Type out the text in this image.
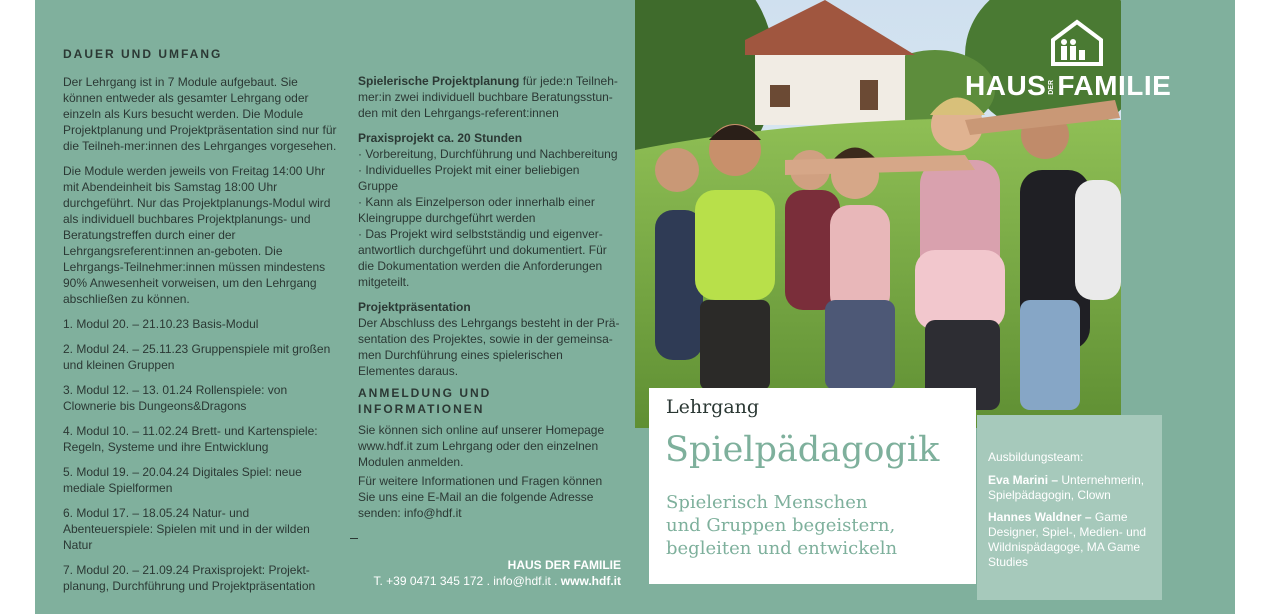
DAUER UND UMFANG

Der Lehrgang ist in 7 Module aufgebaut. Sie können entweder als gesamter Lehrgang oder einzeln als Kurs besucht werden. Die Module Projektplanung und Projektpräsentation sind nur für die Teilneh-mer:innen des Lehrganges vorgesehen.

Die Module werden jeweils von Freitag 14:00 Uhr mit Abendeinheit bis Samstag 18:00 Uhr durchgeführt. Nur das Projektplanungs-Modul wird als individuell buchbares Projektplanungs- und Beratungstreffen durch einer der Lehrgangsreferent:innen an-geboten. Die Lehrgangs-Teilnehmer:innen müssen mindestens 90% Anwesenheit vorweisen, um den Lehrgang abschließen zu können.

1. Modul 20. – 21.10.23 Basis-Modul

2. Modul 24. – 25.11.23 Gruppenspiele mit großen und kleinen Gruppen

3. Modul 12. – 13. 01.24 Rollenspiele: von Clownerie bis Dungeons&Dragons

4. Modul 10. – 11.02.24 Brett- und Kartenspiele: Regeln, Systeme und ihre Entwicklung

5. Modul 19. – 20.04.24 Digitales Spiel: neue mediale Spielformen

6. Modul 17. – 18.05.24 Natur- und Abenteuerspiele: Spielen mit und in der wilden Natur

7. Modul 20. – 21.09.24 Praxisprojekt: Projekt-planung, Durchführung und Projektpräsentation

Spielerische Projektplanung für jede:n Teilneh-mer:in zwei individuell buchbare Beratungsstun-den mit den Lehrgangs-referent:innen

Praxisprojekt ca. 20 Stunden

· Vorbereitung, Durchführung und Nachbereitung

· Individuelles Projekt mit einer beliebigen Gruppe

· Kann als Einzelperson oder innerhalb einer Kleingruppe durchgeführt werden

· Das Projekt wird selbstständig und eigenver-antwortlich durchgeführt und dokumentiert. Für die Dokumentation werden die Anforderungen mitgeteilt.

Projektpräsentation

Der Abschluss des Lehrgangs besteht in der Prä-sentation des Projektes, sowie in der gemeinsa-men Durchführung eines spielerischen Elementes daraus.

ANMELDUNG UND INFORMATIONEN

Sie können sich online auf unserer Homepage www.hdf.it zum Lehrgang oder den einzelnen Modulen anmelden.

Für weitere Informationen und Fragen können Sie uns eine E-Mail an die folgende Adresse senden: info@hdf.it

HAUS DER FAMILIE
T. +39 0471 345 172 . info@hdf.it . www.hdf.it
HAUS DERFAMILIE
Lehrgang
Spielpädagogik
Spielerisch Menschen
und Gruppen begeistern,
begleiten und entwickeln
Ausbildungsteam:
Eva Marini – Unternehmerin, Spielpädagogin, Clown
Hannes Waldner – Game Designer, Spiel-, Medien- und Wildnispädagoge, MA Game Studies
